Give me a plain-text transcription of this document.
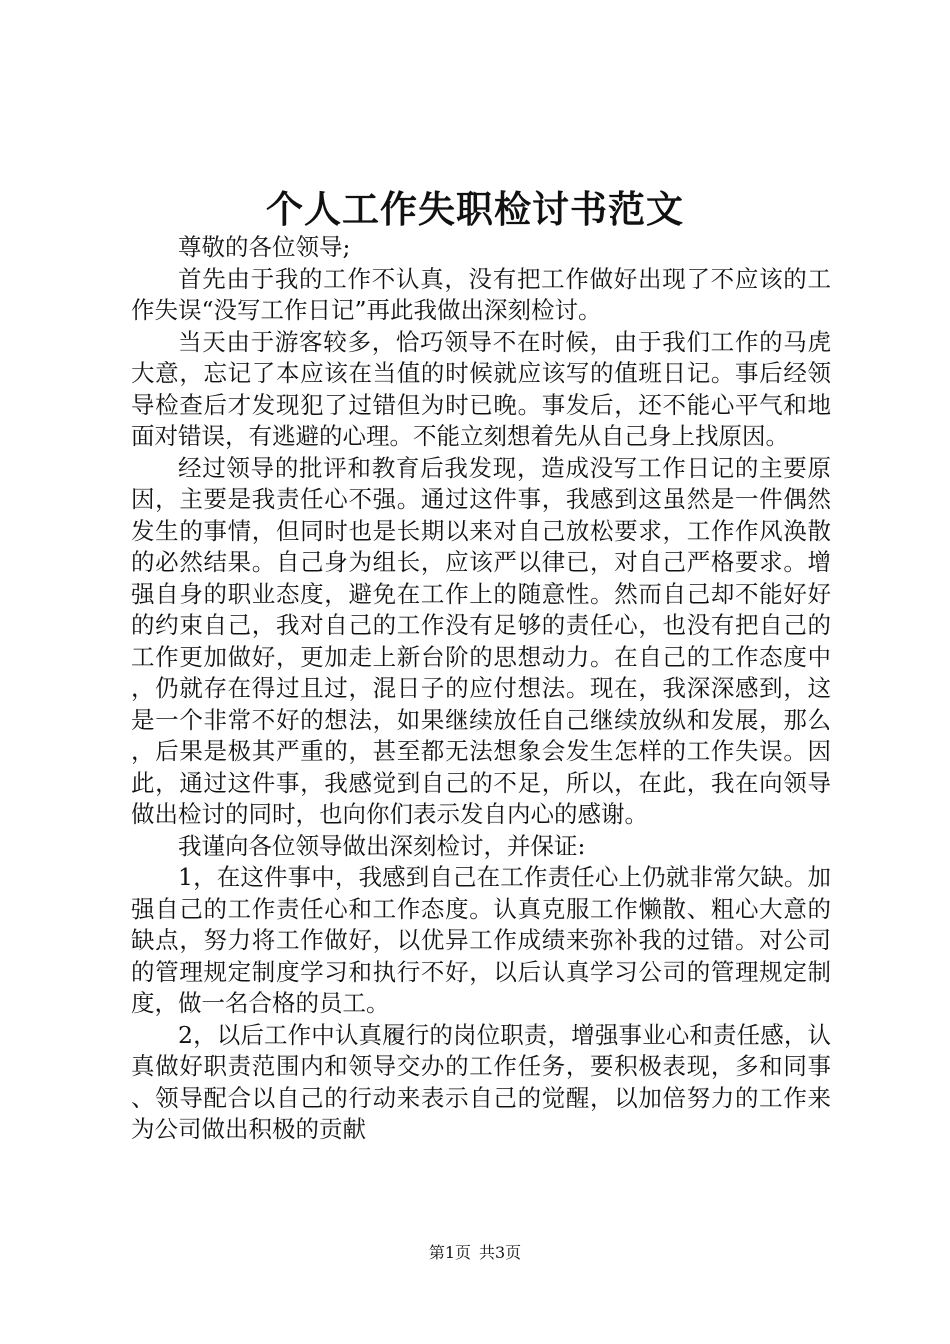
个人工作失职检讨书范文

尊敬的各位领导;

首先由于我的工作不认真，没有把工作做好出现了不应该的工作失误“没写工作日记”再此我做出深刻检讨。

当天由于游客较多，恰巧领导不在时候，由于我们工作的马虎大意，忘记了本应该在当值的时候就应该写的值班日记。事后经领导检查后才发现犯了过错但为时已晚。事发后，还不能心平气和地面对错误，有逃避的心理。不能立刻想着先从自己身上找原因。

经过领导的批评和教育后我发现，造成没写工作日记的主要原因，主要是我责任心不强。通过这件事，我感到这虽然是一件偶然发生的事情，但同时也是长期以来对自己放松要求，工作作风涣散的必然结果。自己身为组长，应该严以律已，对自己严格要求。增强自身的职业态度，避免在工作上的随意性。然而自己却不能好好的约束自己，我对自己的工作没有足够的责任心，也没有把自己的工作更加做好，更加走上新台阶的思想动力。在自己的工作态度中，仍就存在得过且过，混日子的应付想法。现在，我深深感到，这是一个非常不好的想法，如果继续放任自己继续放纵和发展，那么，后果是极其严重的，甚至都无法想象会发生怎样的工作失误。因此，通过这件事，我感觉到自己的不足，所以，在此，我在向领导做出检讨的同时，也向你们表示发自内心的感谢。

我谨向各位领导做出深刻检讨，并保证:

1，在这件事中，我感到自己在工作责任心上仍就非常欠缺。加强自己的工作责任心和工作态度。认真克服工作懒散、粗心大意的缺点，努力将工作做好，以优异工作成绩来弥补我的过错。对公司的管理规定制度学习和执行不好，以后认真学习公司的管理规定制度，做一名合格的员工。

2，以后工作中认真履行的岗位职责，增强事业心和责任感，认真做好职责范围内和领导交办的工作任务，要积极表现，多和同事、领导配合以自己的行动来表示自己的觉醒，以加倍努力的工作来为公司做出积极的贡献

第1页 共3页
